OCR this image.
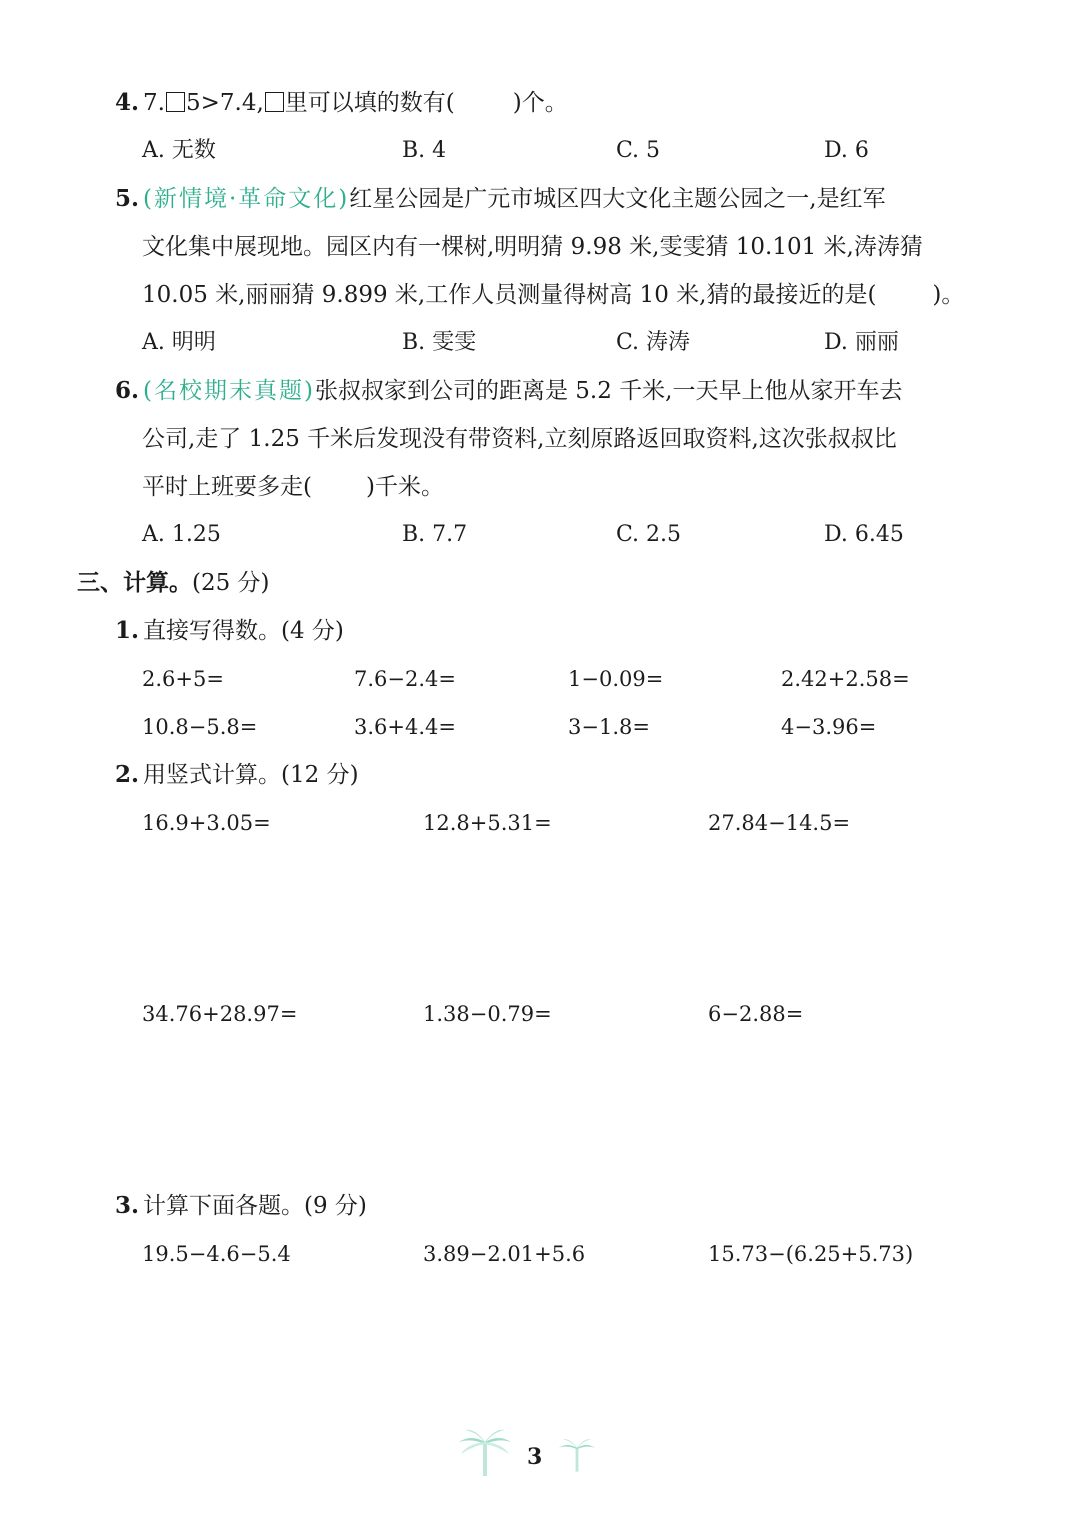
4. 7. 5>7.4, 里可以填的数有(	)个。
A. 无数	B. 4	C. 5	D. 6
5. (新情境·革命文化)红星公园是广元市城区四大文化主题公园之一,是红军
文化集中展现地。园区内有一棵树,明明猜 9.98 米,雯雯猜 10.101 米,涛涛猜
10.05 米,丽丽猜 9.899 米,工作人员测量得树高 10 米,猜的最接近的是( )。
A. 明明	B. 雯雯	C. 涛涛	D. 丽丽
6. (名校期末真题)张叔叔家到公司的距离是 5.2 千米,一天早上他从家开车去
公司,走了 1.25 千米后发现没有带资料,立刻原路返回取资料,这次张叔叔比
平时上班要多走( )千米。
A. 1.25	B. 7.7	C. 2.5	D. 6.45
三、计算。(25 分)
1. 直接写得数。(4 分)
2.6+5=	7.6−2.4=	1−0.09=	2.42+2.58=
10.8−5.8=	3.6+4.4=	3−1.8=	4−3.96=
2. 用竖式计算。(12 分)
16.9+3.05=	12.8+5.31=	27.84−14.5=
34.76+28.97=	1.38−0.79=	6−2.88=
3. 计算下面各题。(9 分)
19.5−4.6−5.4	3.89−2.01+5.6	15.73−(6.25+5.73)
3
